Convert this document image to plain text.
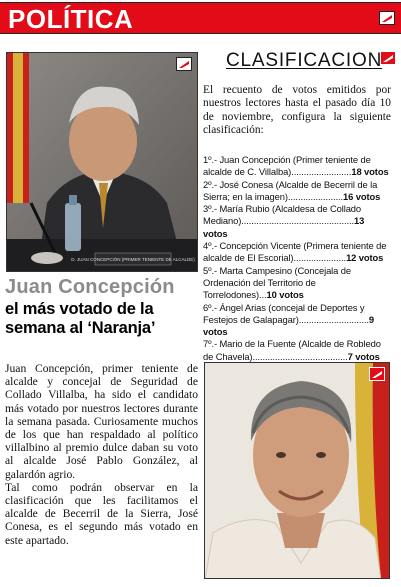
POLÍTICA
D. JUAN CONCEPCIÓN (PRIMER TENIENTE DE ALCALDE)
Juan Concepción
el más votado de la semana al ‘Naranja’

Juan Concepción, primer teniente de alcalde y concejal de Seguridad de Collado Villalba, ha sido el candidato más votado por nuestros lectores durante la semana pasada. Curiosamente muchos de los que han respaldado al político villalbino al premio dulce daban su voto al alcalde José Pablo González, al galardón agrio.

Tal como podrán observar en la clasificación que les facilitamos el alcalde de Becerril de la Sierra, José Conesa, es el segundo más votado en este apartado.

CLASIFICACION
El recuento de votos emitidos por nuestros lectores hasta el pasado día 10 de noviembre, configura la siguiente clasificación:
1º.- Juan Concepción (Primer teniente de alcalde de C. Villalba)........................18 votos
2º.- José Conesa (Alcalde de Becerril de la Sierra; en la imagen)......................16 votos
3º.- María Rubio (Alcaldesa de Collado Mediano).............................................13 votos
4º.- Concepción Vicente (Primera teniente de alcalde de El Escorial).....................12 votos
5º.- Marta Campesino (Concejala de Ordenación del Territorio de Torrelodones)...10 votos
6º.- Ángel Arias (concejal de Deportes y Festejos de Galapagar)............................9 votos
7º.- Mario de la Fuente (Alcalde de Robledo de Chavela)......................................7 votos
